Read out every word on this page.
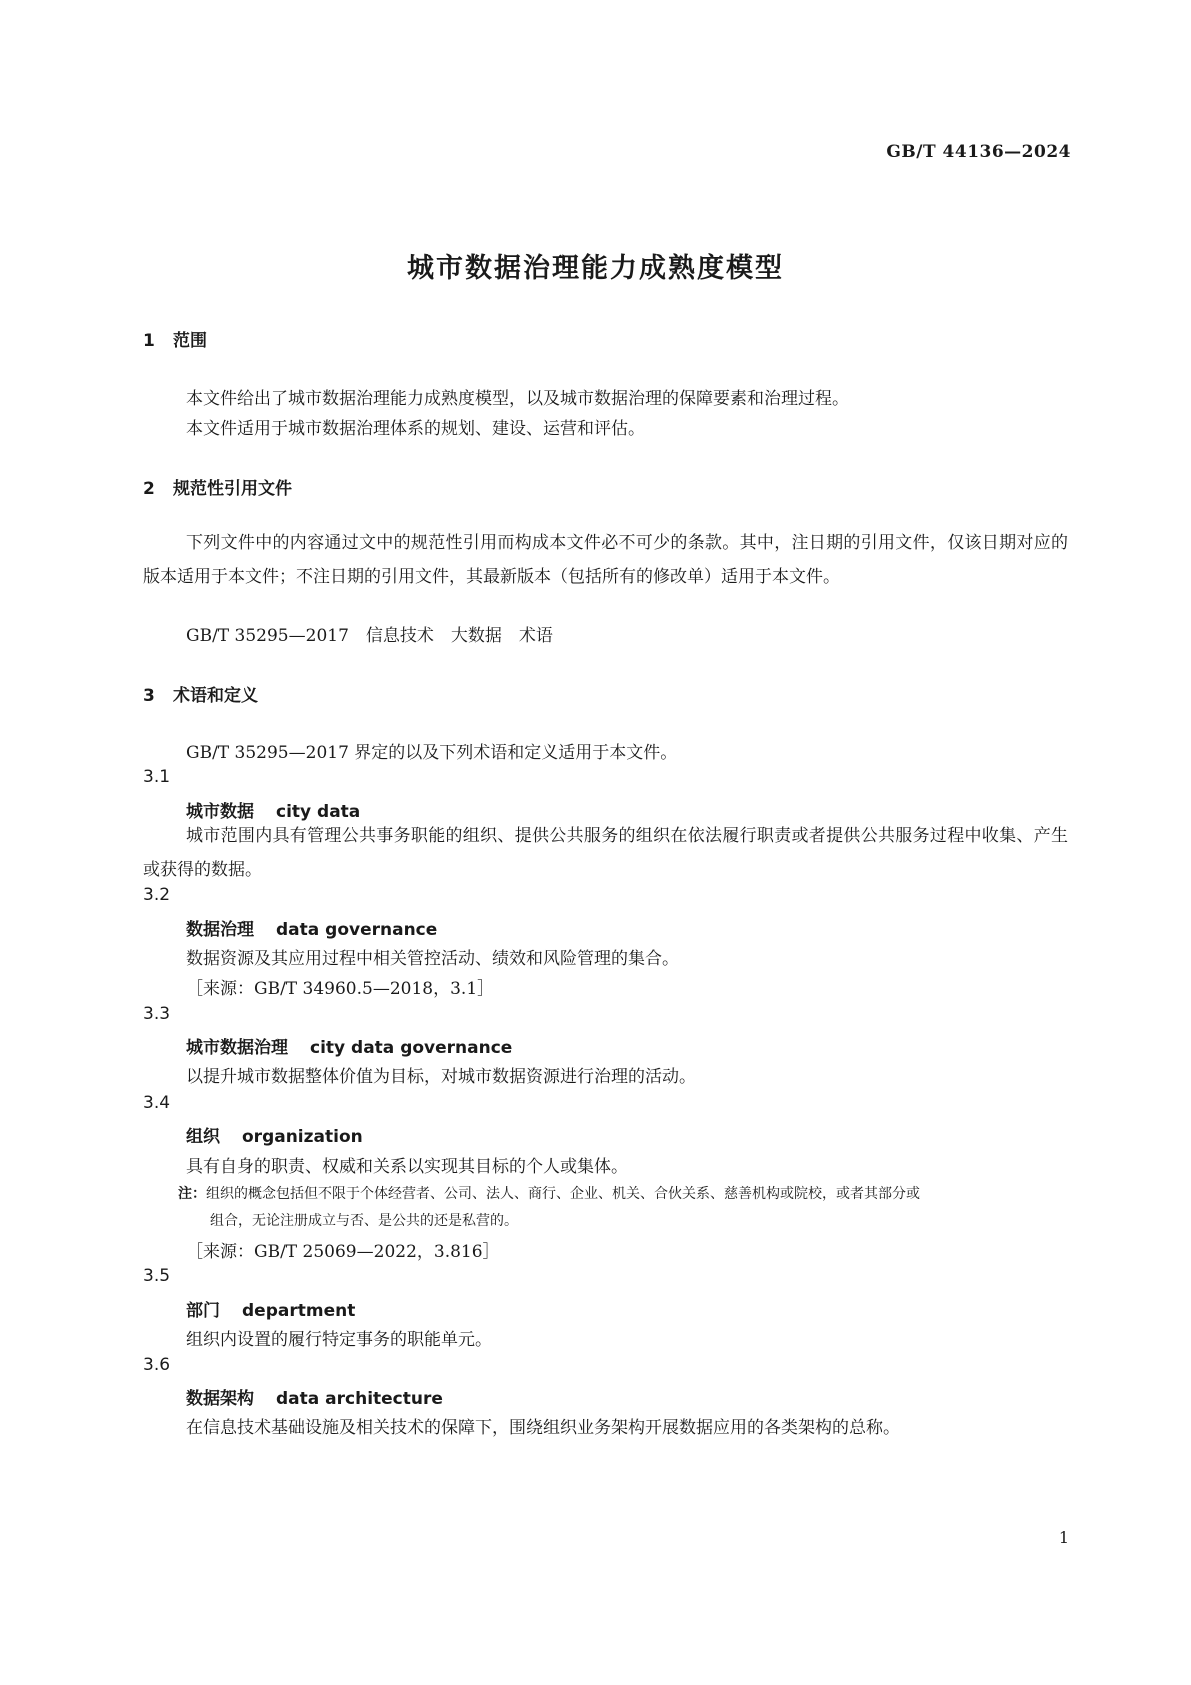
GB/T 44136—2024
城市数据治理能力成熟度模型
1 范围
本文件给出了城市数据治理能力成熟度模型，以及城市数据治理的保障要素和治理过程。
本文件适用于城市数据治理体系的规划、建设、运营和评估。
2 规范性引用文件
下列文件中的内容通过文中的规范性引用而构成本文件必不可少的条款。其中，注日期的引用文件，仅该日期对应的版本适用于本文件；不注日期的引用文件，其最新版本（包括所有的修改单）适用于本文件。
GB/T 35295—2017　信息技术　大数据　术语
3 术语和定义
GB/T 35295—2017 界定的以及下列术语和定义适用于本文件。
3.1
城市数据 city data
城市范围内具有管理公共事务职能的组织、提供公共服务的组织在依法履行职责或者提供公共服务过程中收集、产生或获得的数据。
3.2
数据治理 data governance
数据资源及其应用过程中相关管控活动、绩效和风险管理的集合。
［来源：GB/T 34960.5—2018，3.1］
3.3
城市数据治理 city data governance
以提升城市数据整体价值为目标，对城市数据资源进行治理的活动。
3.4
组织 organization
具有自身的职责、权威和关系以实现其目标的个人或集体。
注：组织的概念包括但不限于个体经营者、公司、法人、商行、企业、机关、合伙关系、慈善机构或院校，或者其部分或
组合，无论注册成立与否、是公共的还是私营的。
［来源：GB/T 25069—2022，3.816］
3.5
部门 department
组织内设置的履行特定事务的职能单元。
3.6
数据架构 data architecture
在信息技术基础设施及相关技术的保障下，围绕组织业务架构开展数据应用的各类架构的总称。
1
